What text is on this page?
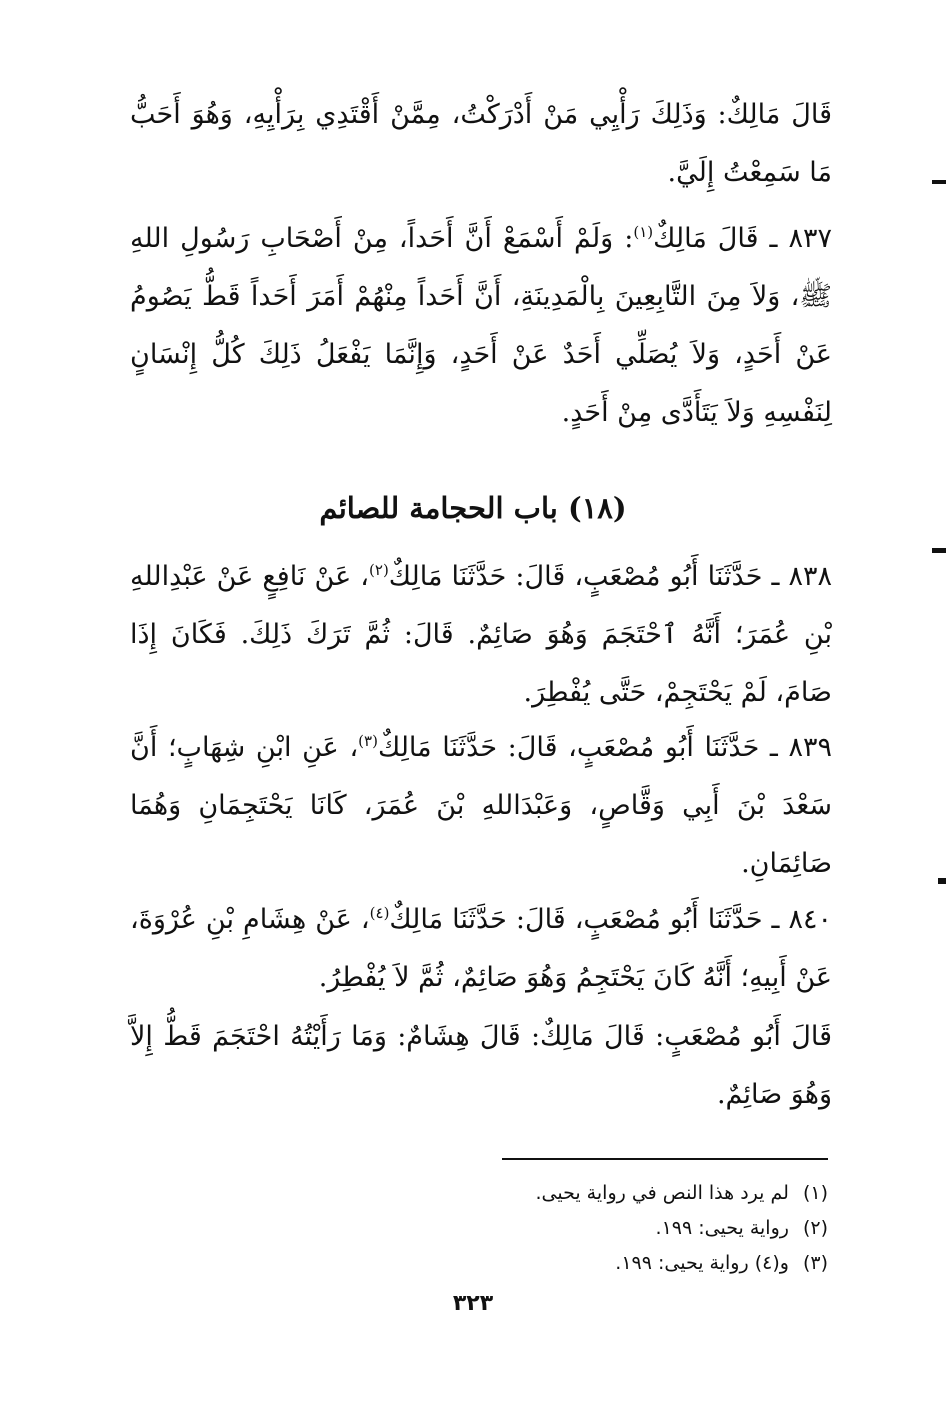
قَالَ مَالِكٌ: وَذَلِكَ رَأْيِي مَنْ أَدْرَكْتُ، مِمَّنْ أَقْتَدِي بِرَأْيِهِ، وَهُوَ أَحَبُّ مَا سَمِعْتُ إِلَيَّ.

٨٣٧ ـ قَالَ مَالِكٌ$^{(١)}$: وَلَمْ أَسْمَعْ أَنَّ أَحَداً، مِنْ أَصْحَابِ رَسُولِ اللهِ ﷺ، وَلاَ مِنَ التَّابِعِينَ بِالْمَدِينَةِ، أَنَّ أَحَداً مِنْهُمْ أَمَرَ أَحَداً قَطُّ يَصُومُ عَنْ أَحَدٍ، وَلاَ يُصَلِّي أَحَدٌ عَنْ أَحَدٍ، وَإِنَّمَا يَفْعَلُ ذَلِكَ كُلُّ إِنْسَانٍ لِنَفْسِهِ وَلاَ يَتَأَدَّى مِنْ أَحَدٍ.

(١٨) باب الحجامة للصائم

٨٣٨ ـ حَدَّثَنَا أَبُو مُصْعَبٍ، قَالَ: حَدَّثَنَا مَالِكٌ$^{(٢)}$، عَنْ نَافِعٍ عَنْ عَبْدِاللهِ بْنِ عُمَرَ؛ أَنَّهُ ٱحْتَجَمَ وَهُوَ صَائِمٌ. قَالَ: ثُمَّ تَرَكَ ذَلِكَ. فَكَانَ إِذَا صَامَ، لَمْ يَحْتَجِمْ، حَتَّى يُفْطِرَ.

٨٣٩ ـ حَدَّثَنَا أَبُو مُصْعَبٍ، قَالَ: حَدَّثَنَا مَالِكٌ$^{(٣)}$، عَنِ ابْنِ شِهَابٍ؛ أَنَّ سَعْدَ بْنَ أَبِي وَقَّاصٍ، وَعَبْدَاللهِ بْنَ عُمَرَ، كَانَا يَحْتَجِمَانِ وَهُمَا صَائِمَانِ.

٨٤٠ ـ حَدَّثَنَا أَبُو مُصْعَبٍ، قَالَ: حَدَّثَنَا مَالِكٌ$^{(٤)}$، عَنْ هِشَامِ بْنِ عُرْوَةَ، عَنْ أَبِيهِ؛ أَنَّهُ كَانَ يَحْتَجِمُ وَهُوَ صَائِمٌ، ثُمَّ لاَ يُفْطِرُ.

قَالَ أَبُو مُصْعَبٍ: قَالَ مَالِكٌ: قَالَ هِشَامٌ: وَمَا رَأَيْتُهُ احْتَجَمَ قَطُّ إِلاَّ وَهُوَ صَائِمٌ.

(١)لم يرد هذا النص في رواية يحيى.

(٢)رواية يحيى: ١٩٩.

(٣)و(٤) رواية يحيى: ١٩٩.

٣٢٣
